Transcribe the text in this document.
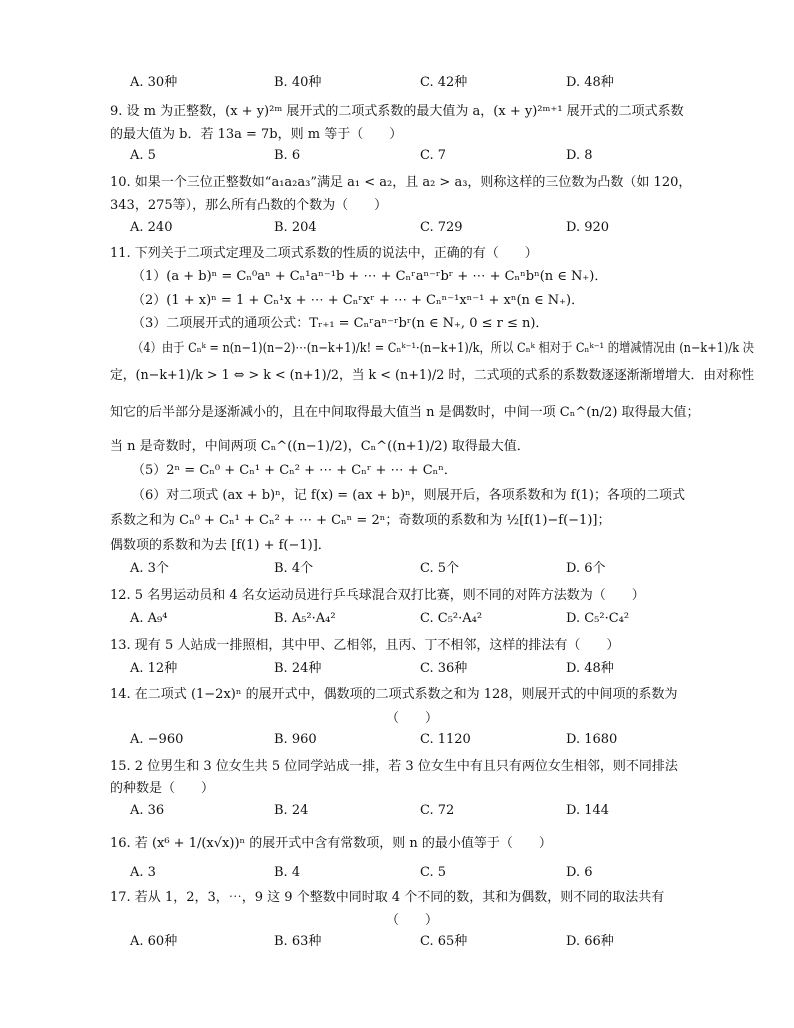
A. 30种	B. 40种	C. 42种	D. 48种
9. 设 m 为正整数，(x + y)²ᵐ 展开式的二项式系数的最大值为 a，(x + y)²ᵐ⁺¹ 展开式的二项式系数
的最大值为 b．若 13a = 7b，则 m 等于（　　）
A. 5	B. 6	C. 7	D. 8
10. 如果一个三位正整数如“a₁a₂a₃”满足 a₁ < a₂，且 a₂ > a₃，则称这样的三位数为凸数（如 120，
343，275等），那么所有凸数的个数为（　　）
A. 240	B. 204	C. 729	D. 920
11. 下列关于二项式定理及二项式系数的性质的说法中，正确的有（　　）
（1）(a + b)ⁿ = Cₙ⁰aⁿ + Cₙ¹aⁿ⁻¹b + ⋯ + Cₙʳaⁿ⁻ʳbʳ + ⋯ + Cₙⁿbⁿ(n ∈ N₊)．
（2）(1 + x)ⁿ = 1 + Cₙ¹x + ⋯ + Cₙʳxʳ + ⋯ + Cₙⁿ⁻¹xⁿ⁻¹ + xⁿ(n ∈ N₊)．
（3）二项展开式的通项公式：Tᵣ₊₁ = Cₙʳaⁿ⁻ʳbʳ(n ∈ N₊, 0 ≤ r ≤ n)．
（4）由于 Cₙᵏ = n(n−1)(n−2)⋯(n−k+1)/k! = Cₙᵏ⁻¹·(n−k+1)/k，所以 Cₙᵏ 相对于 Cₙᵏ⁻¹ 的增减情况由 (n−k+1)/k 决
定，(n−k+1)/k > 1 ⇔ > k < (n+1)/2，当 k < (n+1)/2 时，二式项的式系的系数数逐逐渐渐增增大．由对称性
知它的后半部分是逐渐减小的，且在中间取得最大值当 n 是偶数时，中间一项 Cₙ^(n/2) 取得最大值；
当 n 是奇数时，中间两项 Cₙ^((n−1)/2)，Cₙ^((n+1)/2) 取得最大值．
（5）2ⁿ = Cₙ⁰ + Cₙ¹ + Cₙ² + ⋯ + Cₙʳ + ⋯ + Cₙⁿ．
（6）对二项式 (ax + b)ⁿ，记 f(x) = (ax + b)ⁿ，则展开后，各项系数和为 f(1)；各项的二项式
系数之和为 Cₙ⁰ + Cₙ¹ + Cₙ² + ⋯ + Cₙⁿ = 2ⁿ；奇数项的系数和为 ½[f(1)−f(−1)]；
偶数项的系数和为去 [f(1) + f(−1)]．
A. 3个	B. 4个	C. 5个	D. 6个
12. 5 名男运动员和 4 名女运动员进行乒乓球混合双打比赛，则不同的对阵方法数为（　　）
A. A₉⁴	B. A₅²·A₄²	C. C₅²·A₄²	D. C₅²·C₄²
13. 现有 5 人站成一排照相，其中甲、乙相邻，且丙、丁不相邻，这样的排法有（　　）
A. 12种	B. 24种	C. 36种	D. 48种
14. 在二项式 (1−2x)ⁿ 的展开式中，偶数项的二项式系数之和为 128，则展开式的中间项的系数为
（　　）
A. −960	B. 960	C. 1120	D. 1680
15. 2 位男生和 3 位女生共 5 位同学站成一排，若 3 位女生中有且只有两位女生相邻，则不同排法
的种数是（　　）
A. 36	B. 24	C. 72	D. 144
16. 若 (x⁶ + 1/(x√x))ⁿ 的展开式中含有常数项，则 n 的最小值等于（　　）
A. 3	B. 4	C. 5	D. 6
17. 若从 1，2，3，⋯，9 这 9 个整数中同时取 4 个不同的数，其和为偶数，则不同的取法共有
（　　）
A. 60种	B. 63种	C. 65种	D. 66种
